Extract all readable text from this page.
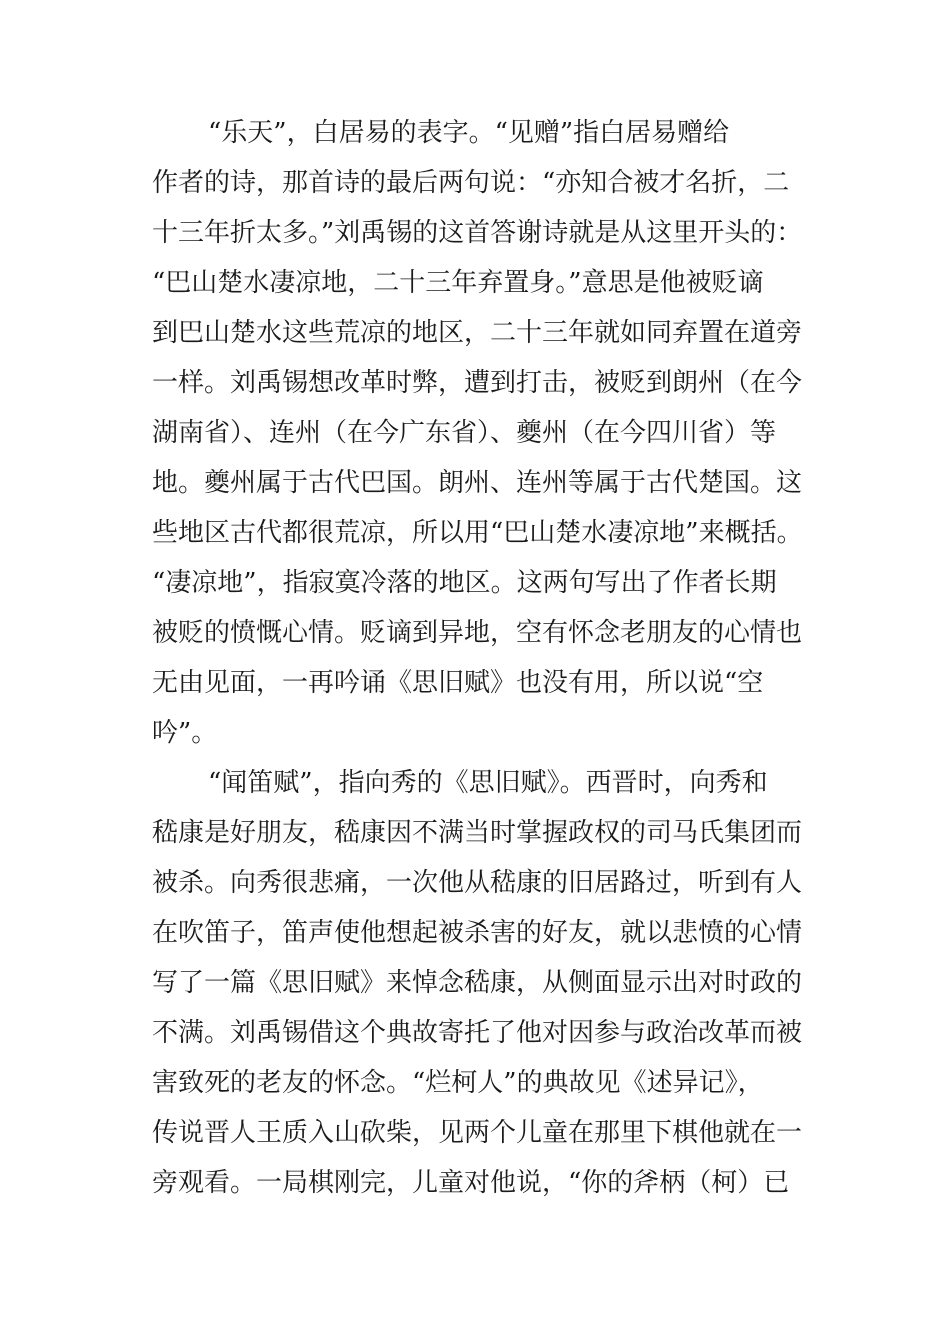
“乐天”，白居易的表字。“见赠”指白居易赠给
作者的诗，那首诗的最后两句说：“亦知合被才名折，二
十三年折太多。”刘禹锡的这首答谢诗就是从这里开头的：
“巴山楚水凄凉地，二十三年弃置身。”意思是他被贬谪
到巴山楚水这些荒凉的地区，二十三年就如同弃置在道旁
一样。刘禹锡想改革时弊，遭到打击，被贬到朗州（在今
湖南省）、连州（在今广东省）、夔州（在今四川省）等
地。夔州属于古代巴国。朗州、连州等属于古代楚国。这
些地区古代都很荒凉，所以用“巴山楚水凄凉地”来概括。
“凄凉地”，指寂寞冷落的地区。这两句写出了作者长期
被贬的愤慨心情。贬谪到异地，空有怀念老朋友的心情也
无由见面，一再吟诵《思旧赋》也没有用，所以说“空
吟”。
“闻笛赋”，指向秀的《思旧赋》。西晋时，向秀和
嵇康是好朋友，嵇康因不满当时掌握政权的司马氏集团而
被杀。向秀很悲痛，一次他从嵇康的旧居路过，听到有人
在吹笛子，笛声使他想起被杀害的好友，就以悲愤的心情
写了一篇《思旧赋》来悼念嵇康，从侧面显示出对时政的
不满。刘禹锡借这个典故寄托了他对因参与政治改革而被
害致死的老友的怀念。“烂柯人”的典故见《述异记》，
传说晋人王质入山砍柴，见两个儿童在那里下棋他就在一
旁观看。一局棋刚完，儿童对他说，“你的斧柄（柯）已
